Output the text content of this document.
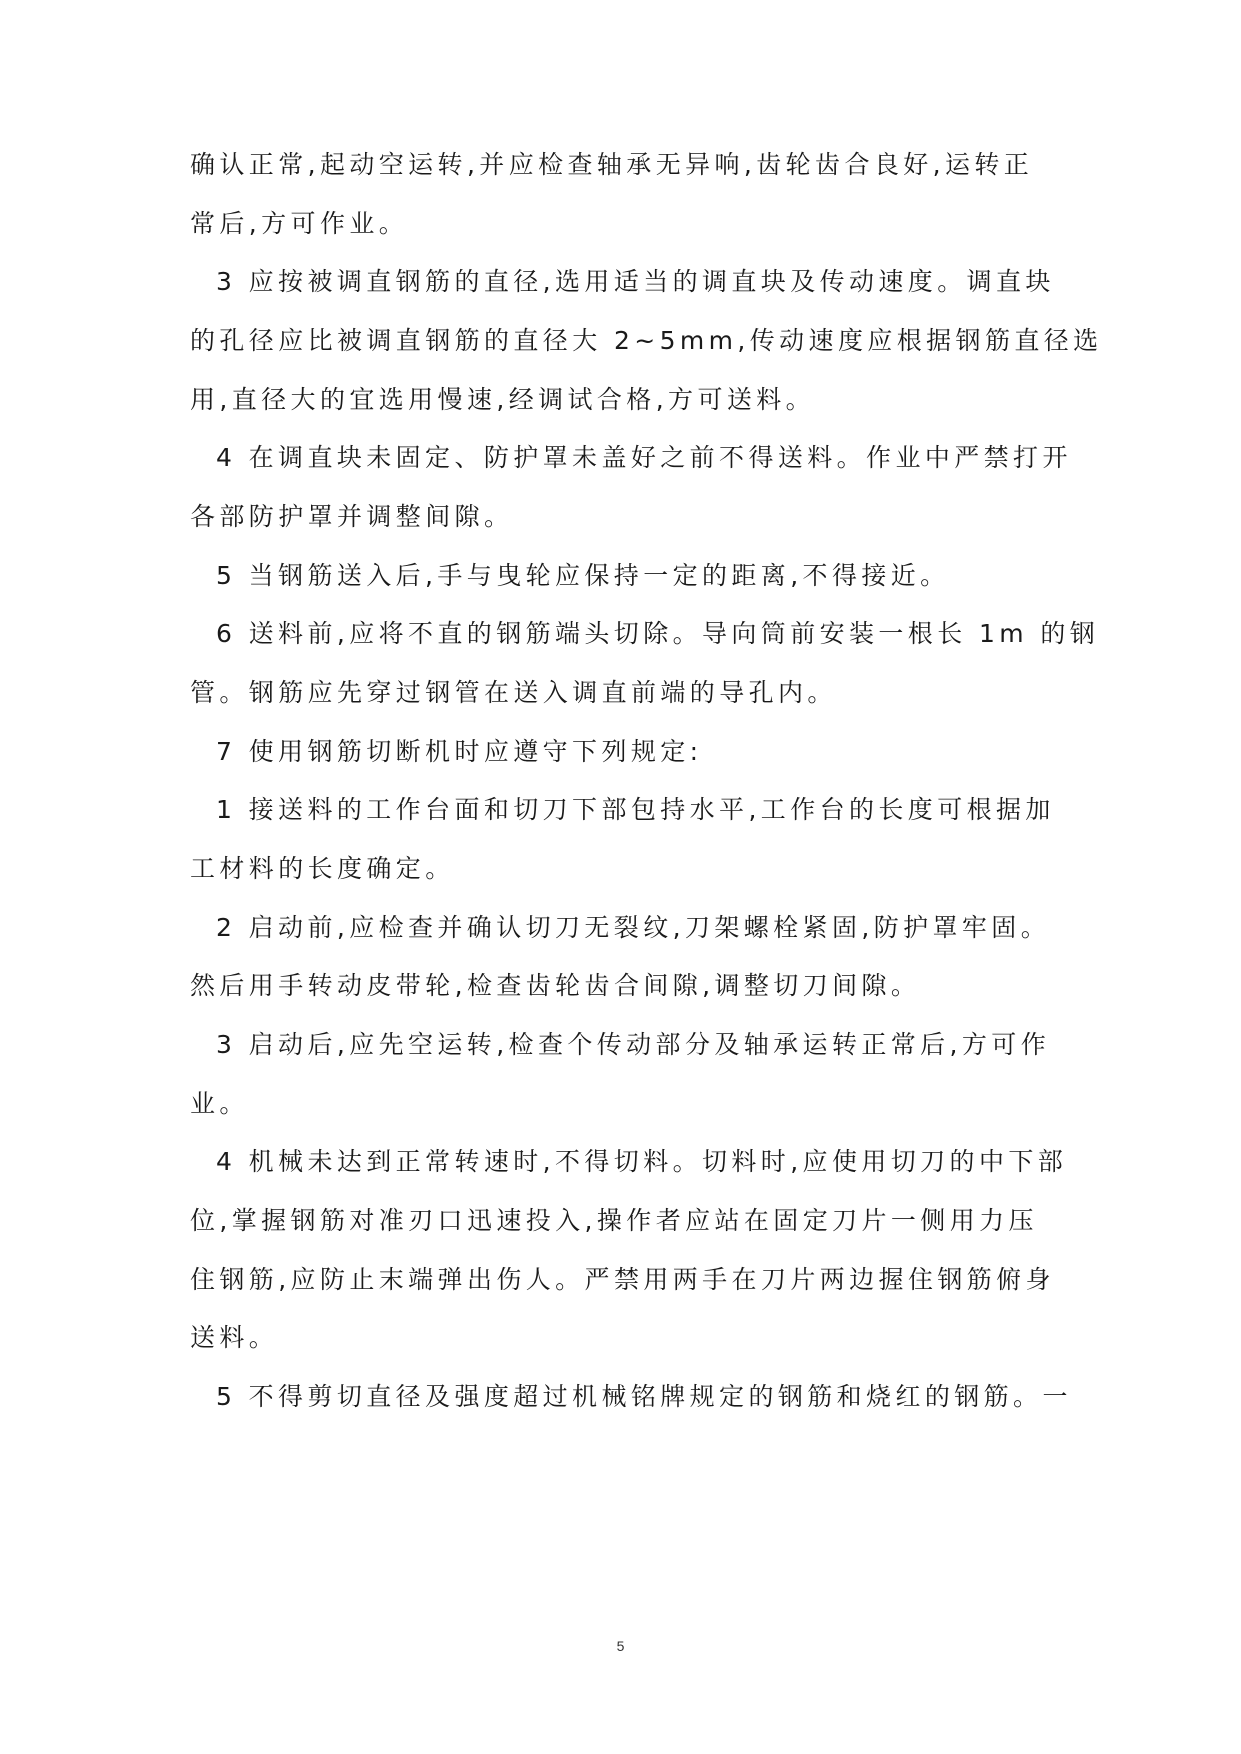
确认正常,起动空运转,并应检查轴承无异响,齿轮齿合良好,运转正

常后,方可作业。

3 应按被调直钢筋的直径,选用适当的调直块及传动速度。调直块

的孔径应比被调直钢筋的直径大 2~5mm,传动速度应根据钢筋直径选

用,直径大的宜选用慢速,经调试合格,方可送料。

4 在调直块未固定、防护罩未盖好之前不得送料。作业中严禁打开

各部防护罩并调整间隙。

5 当钢筋送入后,手与曳轮应保持一定的距离,不得接近。

6 送料前,应将不直的钢筋端头切除。导向筒前安装一根长 1m 的钢

管。钢筋应先穿过钢管在送入调直前端的导孔内。

7 使用钢筋切断机时应遵守下列规定:

1 接送料的工作台面和切刀下部包持水平,工作台的长度可根据加

工材料的长度确定。

2 启动前,应检查并确认切刀无裂纹,刀架螺栓紧固,防护罩牢固。

然后用手转动皮带轮,检查齿轮齿合间隙,调整切刀间隙。

3 启动后,应先空运转,检查个传动部分及轴承运转正常后,方可作

业。

4 机械未达到正常转速时,不得切料。切料时,应使用切刀的中下部

位,掌握钢筋对准刃口迅速投入,操作者应站在固定刀片一侧用力压

住钢筋,应防止末端弹出伤人。严禁用两手在刀片两边握住钢筋俯身

送料。

5 不得剪切直径及强度超过机械铭牌规定的钢筋和烧红的钢筋。一

5
